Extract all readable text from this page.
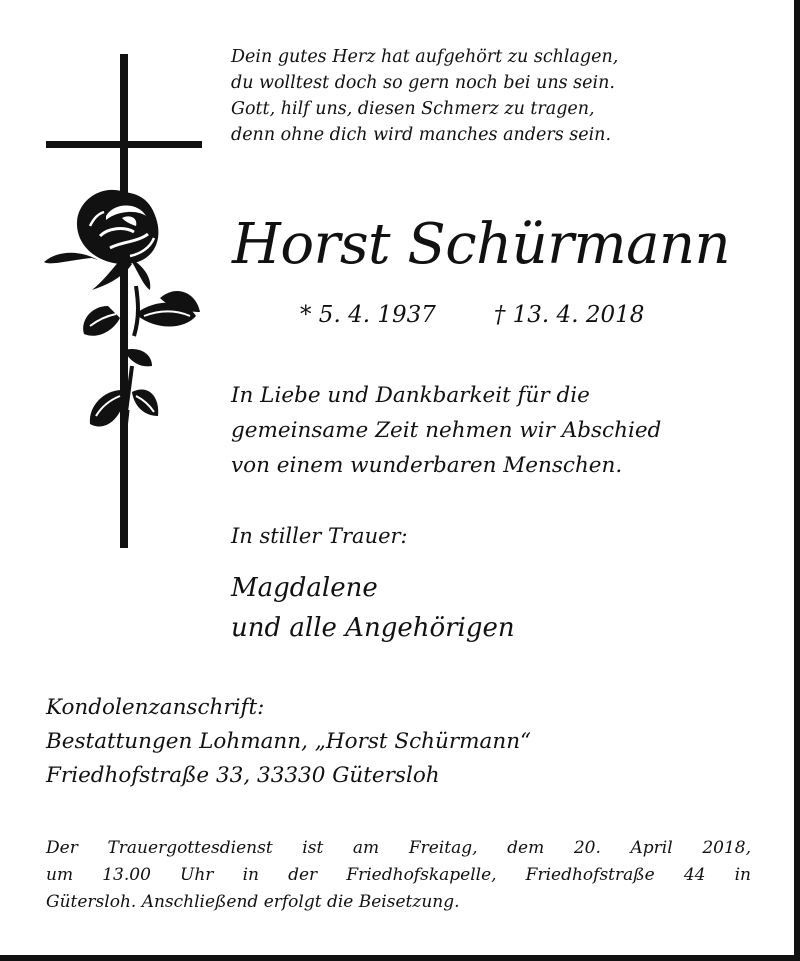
Dein gutes Herz hat aufgehört zu schlagen,
du wolltest doch so gern noch bei uns sein.
Gott, hilf uns, diesen Schmerz zu tragen,
denn ohne dich wird manches anders sein.
Horst Schürmann
* 5. 4. 1937	† 13. 4. 2018
In Liebe und Dankbarkeit für die
gemeinsame Zeit nehmen wir Abschied
von einem wunderbaren Menschen.
In stiller Trauer:
Magdalene
und alle Angehörigen
Kondolenzanschrift:
Bestattungen Lohmann, „Horst Schürmann“
Friedhofstraße 33, 33330 Gütersloh
Der Trauergottesdienst ist am Freitag, dem 20. April 2018,
um 13.00 Uhr in der Friedhofskapelle, Friedhofstraße 44 in
Gütersloh. Anschließend erfolgt die Beisetzung.
